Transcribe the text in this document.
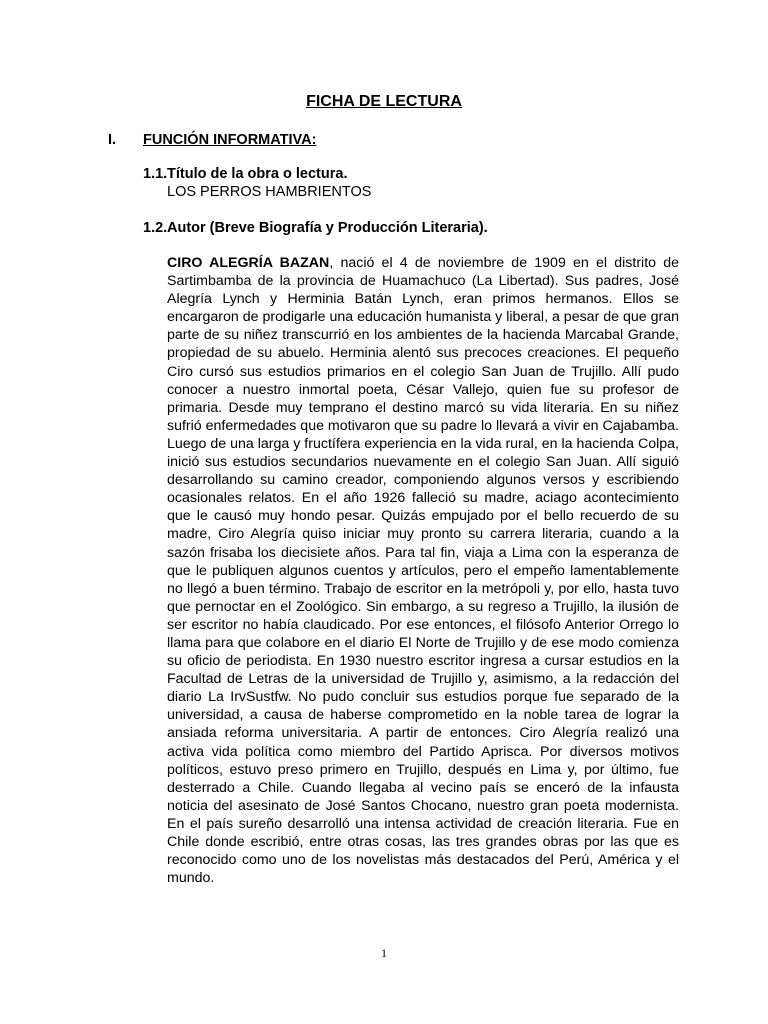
FICHA DE LECTURA
I. FUNCIÓN INFORMATIVA:
1.1.Título de la obra o lectura.
LOS PERROS HAMBRIENTOS
1.2.Autor (Breve Biografía y Producción Literaria).

CIRO ALEGRÍA BAZAN, nació el 4 de noviembre de 1909 en el distrito de Sartimbamba de la provincia de Huamachuco (La Libertad). Sus padres, José Alegría Lynch y Herminia Batán Lynch, eran primos hermanos. Ellos se encargaron de prodigarle una educación humanista y liberal, a pesar de que gran parte de su niñez transcurrió en los ambientes de la hacienda Marcabal Grande, propiedad de su abuelo. Herminia alentó sus precoces creaciones. El pequeño Ciro cursó sus estudios primarios en el colegio San Juan de Trujillo. Allí pudo conocer a nuestro inmortal poeta, César Vallejo, quien fue su profesor de primaria. Desde muy temprano el destino marcó su vida literaria. En su niñez sufrió enfermedades que motivaron que su padre lo llevará a vivir en Cajabamba. Luego de una larga y fructífera experiencia en la vida rural, en la hacienda Colpa, inició sus estudios secundarios nuevamente en el colegio San Juan. Allí siguió desarrollando su camino creador, componiendo algunos versos y escribiendo ocasionales relatos. En el año 1926 falleció su madre, aciago acontecimiento que le causó muy hondo pesar. Quizás empujado por el bello recuerdo de su madre, Ciro Alegría quiso iniciar muy pronto su carrera literaria, cuando a la sazón frisaba los diecisiete años. Para tal fin, viaja a Lima con la esperanza de que le publiquen algunos cuentos y artículos, pero el empeño lamentablemente no llegó a buen término. Trabajo de escritor en la metrópoli y, por ello, hasta tuvo que pernoctar en el Zoológico. Sin embargo, a su regreso a Trujillo, la ilusión de ser escritor no había claudicado. Por ese entonces, el filósofo Anterior Orrego lo llama para que colabore en el diario El Norte de Trujillo y de ese modo comienza su oficio de periodista. En 1930 nuestro escritor ingresa a cursar estudios en la Facultad de Letras de la universidad de Trujillo y, asimismo, a la redacción del diario La IrvSustfw. No pudo concluir sus estudios porque fue separado de la universidad, a causa de haberse comprometido en la noble tarea de lograr la ansiada reforma universitaria. A partir de entonces. Ciro Alegría realizó una activa vida política como miembro del Partido Aprisca. Por diversos motivos políticos, estuvo preso primero en Trujillo, después en Lima y, por último, fue desterrado a Chile. Cuando llegaba al vecino país se enceró de la infausta noticia del asesinato de José Santos Chocano, nuestro gran poeta modernista. En el país sureño desarrolló una intensa actividad de creación literaria. Fue en Chile donde escribió, entre otras cosas, las tres grandes obras por las que es reconocido como uno de los novelistas más destacados del Perú, América y el mundo.

1
